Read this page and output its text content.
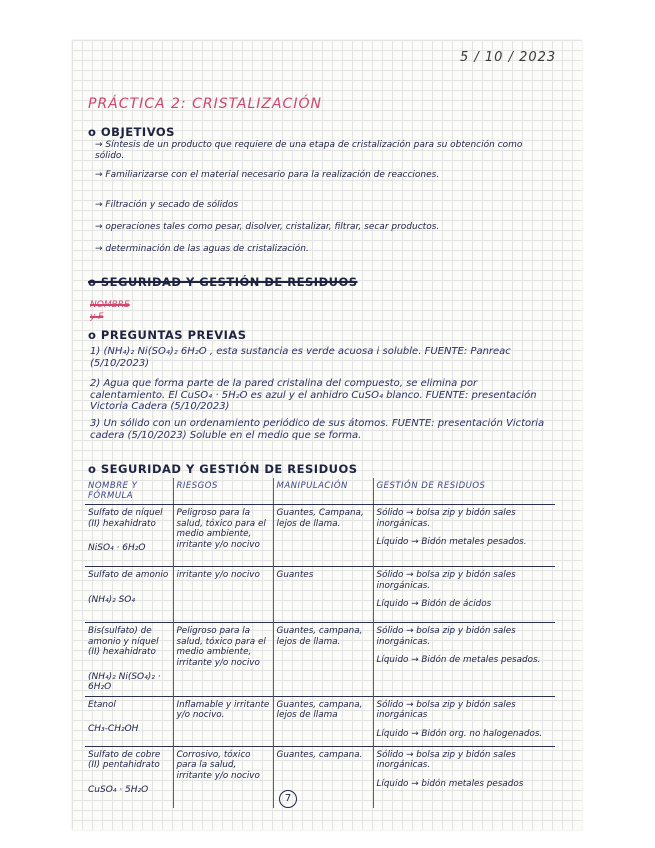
5 / 10 / 2023
PRÁCTICA 2: CRISTALIZACIÓN
o OBJETIVOS
→ Síntesis de un producto que requiere de una etapa de cristalización para su obtención como sólido.
→ Familiarizarse con el material necesario para la realización de reacciones.
→ Filtración y secado de sólidos
→ operaciones tales como pesar, disolver, cristalizar, filtrar, secar productos.
→ determinación de las aguas de cristalización.
o SEGURIDAD Y GESTIÓN DE RESIDUOS
NOMBRE
y F
o PREGUNTAS PREVIAS
1) (NH₄)₂ Ni(SO₄)₂ 6H₂O , esta sustancia es verde acuosa i soluble. FUENTE: Panreac (5/10/2023)
2) Agua que forma parte de la pared cristalina del compuesto, se elimina por calentamiento. El CuSO₄ · 5H₂O es azul y el anhidro CuSO₄ blanco. FUENTE: presentación Victoria Cadera (5/10/2023)
3) Un sólido con un ordenamiento periódico de sus átomos. FUENTE: presentación Victoria cadera (5/10/2023) Soluble en el medio que se forma.
o SEGURIDAD Y GESTIÓN DE RESIDUOS
NOMBRE Y FÓRMULA	RIESGOS	MANIPULACIÓN	GESTIÓN DE RESIDUOS
Sulfato de níquel (II) hexahidrato
NiSO₄ · 6H₂O	Peligroso para la salud, tóxico para el medio ambiente, irritante y/o nocivo	Guantes, Campana, lejos de llama.	Sólido → bolsa zip y bidón sales inorgánicas.
Líquido → Bidón metales pesados.

Sulfato de amonio
(NH₄)₂ SO₄	irritante y/o nocivo	Guantes	Sólido → bolsa zip y bidón sales inorgánicas.
Líquido → Bidón de ácidos

Bis(sulfato) de amonio y níquel (II) hexahidrato
(NH₄)₂ Ni(SO₄)₂ · 6H₂O	Peligroso para la salud, tóxico para el medio ambiente, irritante y/o nocivo	Guantes, campana, lejos de llama.	Sólido → bolsa zip y bidón sales inorgánicas.
Líquido → Bidón de metales pesados.

Etanol
CH₃-CH₂OH	Inflamable y irritante y/o nocivo.	Guantes, campana, lejos de llama	Sólido → bolsa zip y bidón sales inorgánicas
Líquido → Bidón org. no halogenados.

Sulfato de cobre (II) pentahidrato
CuSO₄ · 5H₂O	Corrosivo, tóxico para la salud, irritante y/o nocivo	Guantes, campana.	Sólido → bolsa zip y bidón sales inorgánicas.
Líquido → bidón metales pesados
7
